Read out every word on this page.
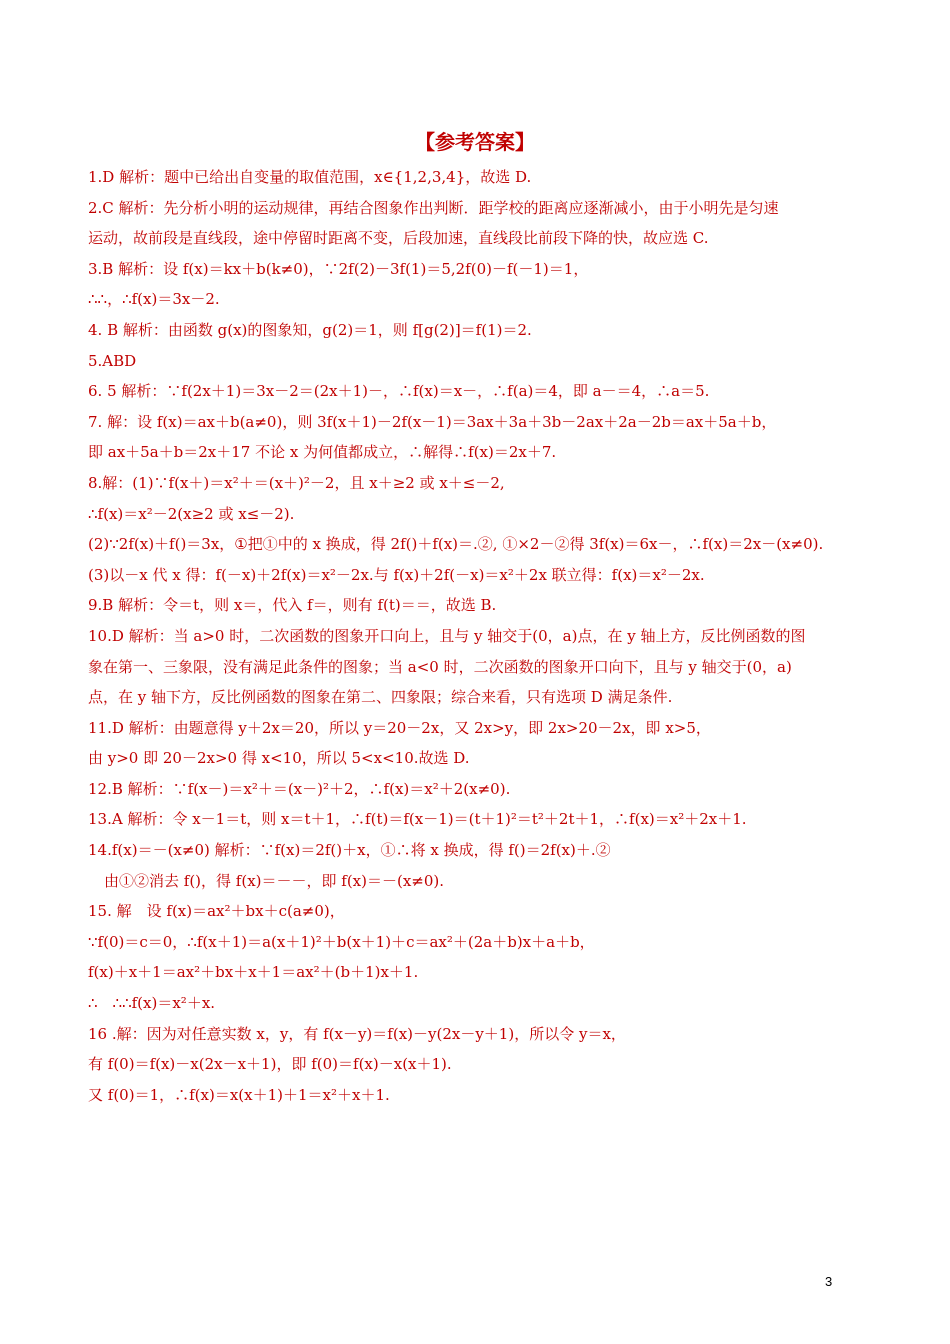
【参考答案】
1.D 解析：题中已给出自变量的取值范围，x∈{1,2,3,4}，故选 D.
2.C 解析：先分析小明的运动规律，再结合图象作出判断．距学校的距离应逐渐减小，由于小明先是匀速
运动，故前段是直线段，途中停留时距离不变，后段加速，直线段比前段下降的快，故应选 C.
3.B 解析：设 f(x)＝kx＋b(k≠0)，∵2f(2)－3f(1)＝5,2f(0)－f(－1)＝1，
∴∴，∴f(x)＝3x－2.
4. B 解析：由函数 g(x)的图象知，g(2)＝1，则 f[g(2)]＝f(1)＝2.
5.ABD
6. 5 解析：∵f(2x＋1)＝3x－2＝(2x＋1)－，∴f(x)＝x－，∴f(a)＝4，即 a－＝4，∴a＝5.
7. 解：设 f(x)＝ax＋b(a≠0)，则 3f(x＋1)－2f(x－1)＝3ax＋3a＋3b－2ax＋2a－2b＝ax＋5a＋b，
即 ax＋5a＋b＝2x＋17 不论 x 为何值都成立，∴解得∴f(x)＝2x＋7.
8.解：(1)∵f(x＋)＝x²＋＝(x＋)²－2，且 x＋≥2 或 x＋≤－2,
∴f(x)＝x²－2(x≥2 或 x≤－2).
(2)∵2f(x)＋f()＝3x，①把①中的 x 换成，得 2f()＋f(x)＝.②, ①×2－②得 3f(x)＝6x－，∴f(x)＝2x－(x≠0).
(3)以－x 代 x 得：f(－x)＋2f(x)＝x²－2x.与 f(x)＋2f(－x)＝x²＋2x 联立得：f(x)＝x²－2x.
9.B 解析：令＝t，则 x＝，代入 f＝，则有 f(t)＝＝，故选 B.
10.D 解析：当 a>0 时，二次函数的图象开口向上，且与 y 轴交于(0，a)点，在 y 轴上方，反比例函数的图
象在第一、三象限，没有满足此条件的图象；当 a<0 时，二次函数的图象开口向下，且与 y 轴交于(0，a)
点，在 y 轴下方，反比例函数的图象在第二、四象限；综合来看，只有选项 D 满足条件.
11.D 解析：由题意得 y＋2x＝20，所以 y＝20－2x，又 2x>y，即 2x>20－2x，即 x>5，
由 y>0 即 20－2x>0 得 x<10，所以 5<x<10.故选 D.
12.B 解析：∵f(x－)＝x²＋＝(x－)²＋2，∴f(x)＝x²＋2(x≠0).
13.A 解析：令 x－1＝t，则 x＝t＋1，∴f(t)＝f(x－1)＝(t＋1)²＝t²＋2t＋1，∴f(x)＝x²＋2x＋1.
14.f(x)＝－(x≠0) 解析：∵f(x)＝2f()＋x，①∴将 x 换成，得 f()＝2f(x)＋.②
由①②消去 f()，得 f(x)＝－－，即 f(x)＝－(x≠0).
15. 解　设 f(x)＝ax²＋bx＋c(a≠0)，
∵f(0)＝c＝0，∴f(x＋1)＝a(x＋1)²＋b(x＋1)＋c＝ax²＋(2a＋b)x＋a＋b，
f(x)＋x＋1＝ax²＋bx＋x＋1＝ax²＋(b＋1)x＋1.
∴　∴∴f(x)＝x²＋x.
16 .解：因为对任意实数 x，y，有 f(x－y)＝f(x)－y(2x－y＋1)，所以令 y＝x，
有 f(0)＝f(x)－x(2x－x＋1)，即 f(0)＝f(x)－x(x＋1).
又 f(0)＝1，∴f(x)＝x(x＋1)＋1＝x²＋x＋1.
3
